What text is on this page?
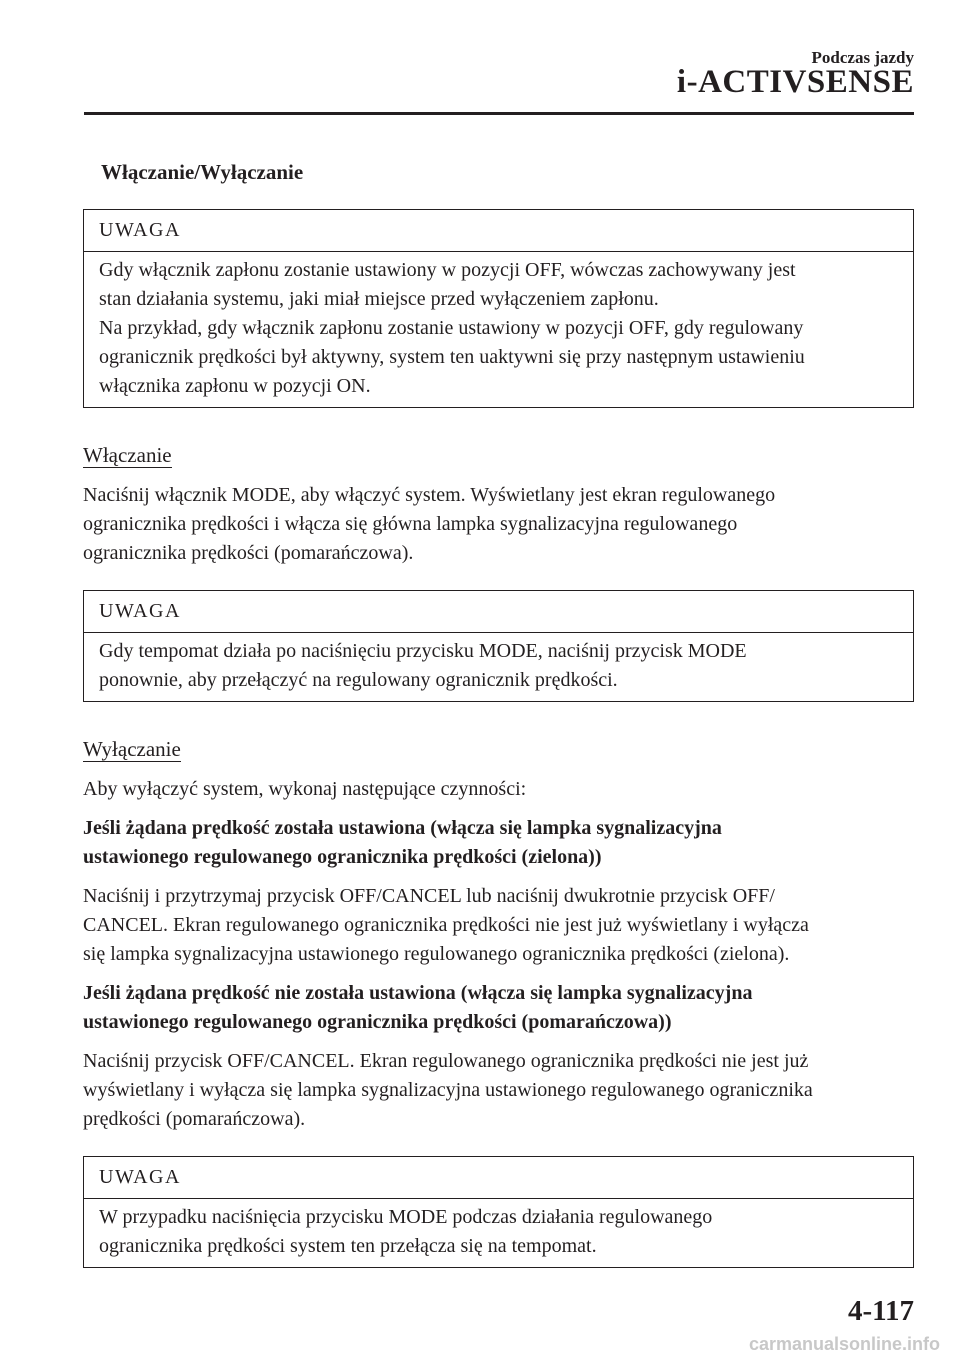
Podczas jazdy
i-ACTIVSENSE
Włączanie/Wyłączanie
UWAGA
Gdy włącznik zapłonu zostanie ustawiony w pozycji OFF, wówczas zachowywany jest
stan działania systemu, jaki miał miejsce przed wyłączeniem zapłonu.
Na przykład, gdy włącznik zapłonu zostanie ustawiony w pozycji OFF, gdy regulowany
ogranicznik prędkości był aktywny, system ten uaktywni się przy następnym ustawieniu
włącznika zapłonu w pozycji ON.
Włączanie

Naciśnij włącznik MODE, aby włączyć system. Wyświetlany jest ekran regulowanego
ogranicznika prędkości i włącza się główna lampka sygnalizacyjna regulowanego
ogranicznika prędkości (pomarańczowa).

UWAGA
Gdy tempomat działa po naciśnięciu przycisku MODE, naciśnij przycisk MODE
ponownie, aby przełączyć na regulowany ogranicznik prędkości.
Wyłączanie

Aby wyłączyć system, wykonaj następujące czynności:

Jeśli żądana prędkość została ustawiona (włącza się lampka sygnalizacyjna
ustawionego regulowanego ogranicznika prędkości (zielona))

Naciśnij i przytrzymaj przycisk OFF/CANCEL lub naciśnij dwukrotnie przycisk OFF/
CANCEL. Ekran regulowanego ogranicznika prędkości nie jest już wyświetlany i wyłącza
się lampka sygnalizacyjna ustawionego regulowanego ogranicznika prędkości (zielona).

Jeśli żądana prędkość nie została ustawiona (włącza się lampka sygnalizacyjna
ustawionego regulowanego ogranicznika prędkości (pomarańczowa))

Naciśnij przycisk OFF/CANCEL. Ekran regulowanego ogranicznika prędkości nie jest już
wyświetlany i wyłącza się lampka sygnalizacyjna ustawionego regulowanego ogranicznika
prędkości (pomarańczowa).

UWAGA
W przypadku naciśnięcia przycisku MODE podczas działania regulowanego
ogranicznika prędkości system ten przełącza się na tempomat.
4-117
carmanualsonline.info
